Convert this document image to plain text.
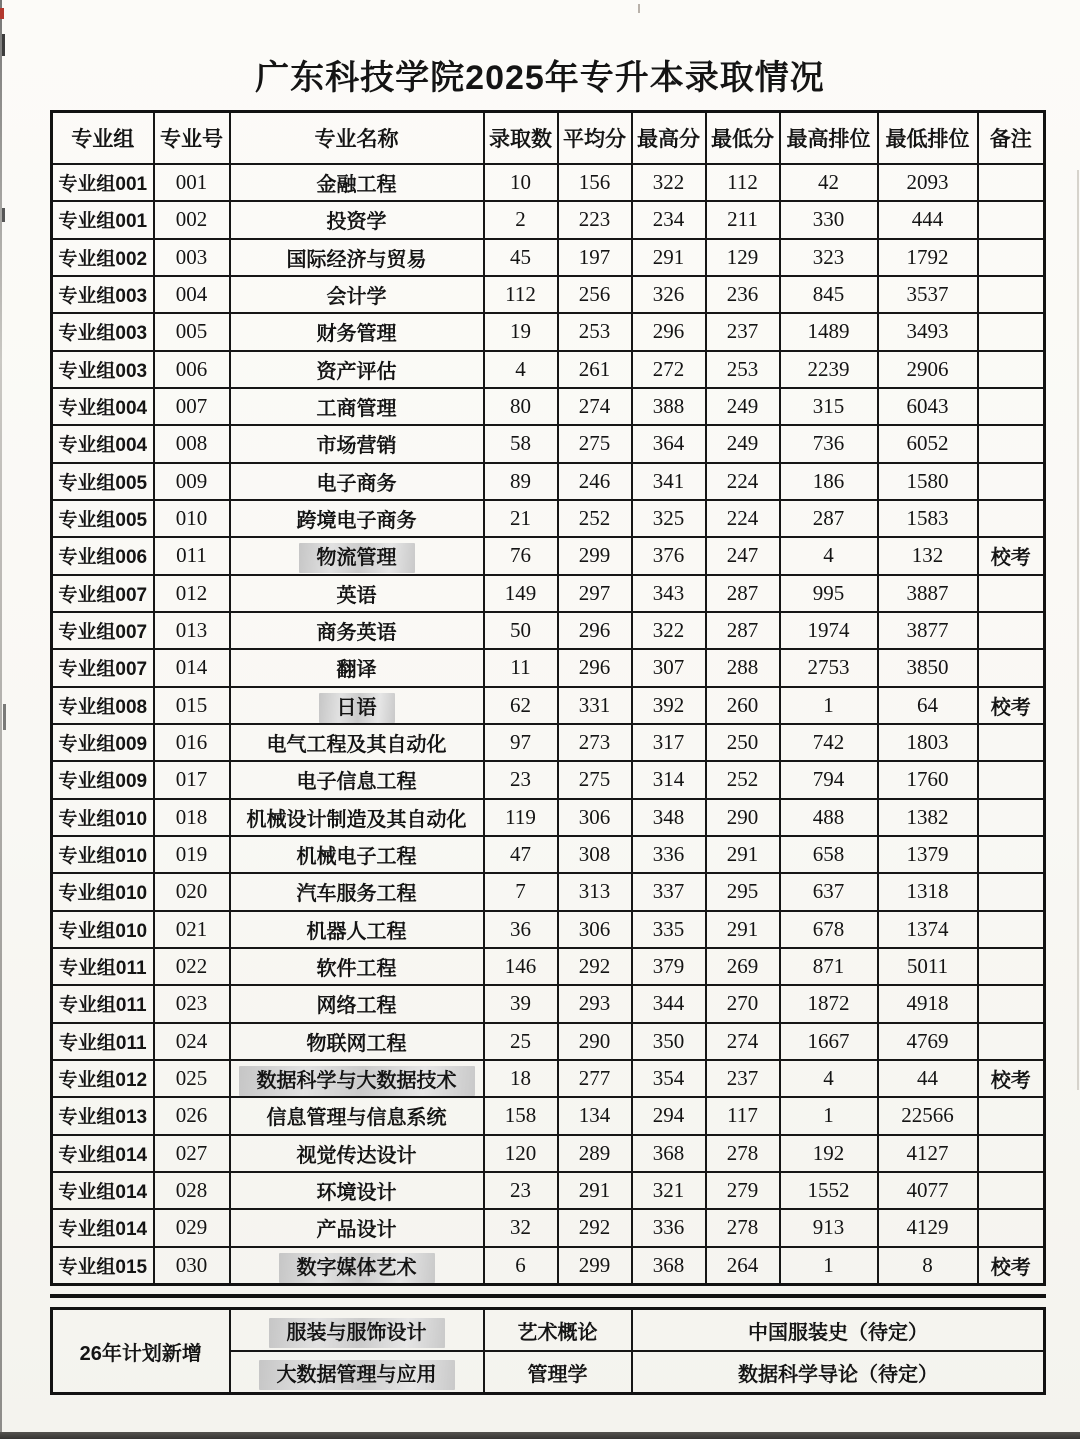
广东科技学院2025年专升本录取情况
专业组	专业号	专业名称	录取数	平均分	最高分	最低分	最高排位	最低排位	备注
专业组001	001	金融工程	10	156	322	112	42	2093	
专业组001	002	投资学	2	223	234	211	330	444	
专业组002	003	国际经济与贸易	45	197	291	129	323	1792	
专业组003	004	会计学	112	256	326	236	845	3537	
专业组003	005	财务管理	19	253	296	237	1489	3493	
专业组003	006	资产评估	4	261	272	253	2239	2906	
专业组004	007	工商管理	80	274	388	249	315	6043	
专业组004	008	市场营销	58	275	364	249	736	6052	
专业组005	009	电子商务	89	246	341	224	186	1580	
专业组005	010	跨境电子商务	21	252	325	224	287	1583	
专业组006	011	物流管理	76	299	376	247	4	132	校考
专业组007	012	英语	149	297	343	287	995	3887	
专业组007	013	商务英语	50	296	322	287	1974	3877	
专业组007	014	翻译	11	296	307	288	2753	3850	
专业组008	015	日语	62	331	392	260	1	64	校考
专业组009	016	电气工程及其自动化	97	273	317	250	742	1803	
专业组009	017	电子信息工程	23	275	314	252	794	1760	
专业组010	018	机械设计制造及其自动化	119	306	348	290	488	1382	
专业组010	019	机械电子工程	47	308	336	291	658	1379	
专业组010	020	汽车服务工程	7	313	337	295	637	1318	
专业组010	021	机器人工程	36	306	335	291	678	1374	
专业组011	022	软件工程	146	292	379	269	871	5011	
专业组011	023	网络工程	39	293	344	270	1872	4918	
专业组011	024	物联网工程	25	290	350	274	1667	4769	
专业组012	025	数据科学与大数据技术	18	277	354	237	4	44	校考
专业组013	026	信息管理与信息系统	158	134	294	117	1	22566	
专业组014	027	视觉传达设计	120	289	368	278	192	4127	
专业组014	028	环境设计	23	291	321	279	1552	4077	
专业组014	029	产品设计	32	292	336	278	913	4129	
专业组015	030	数字媒体艺术	6	299	368	264	1	8	校考
26年计划新增	服装与服饰设计	艺术概论	中国服装史（待定）	
	大数据管理与应用	管理学	数据科学导论（待定）	
